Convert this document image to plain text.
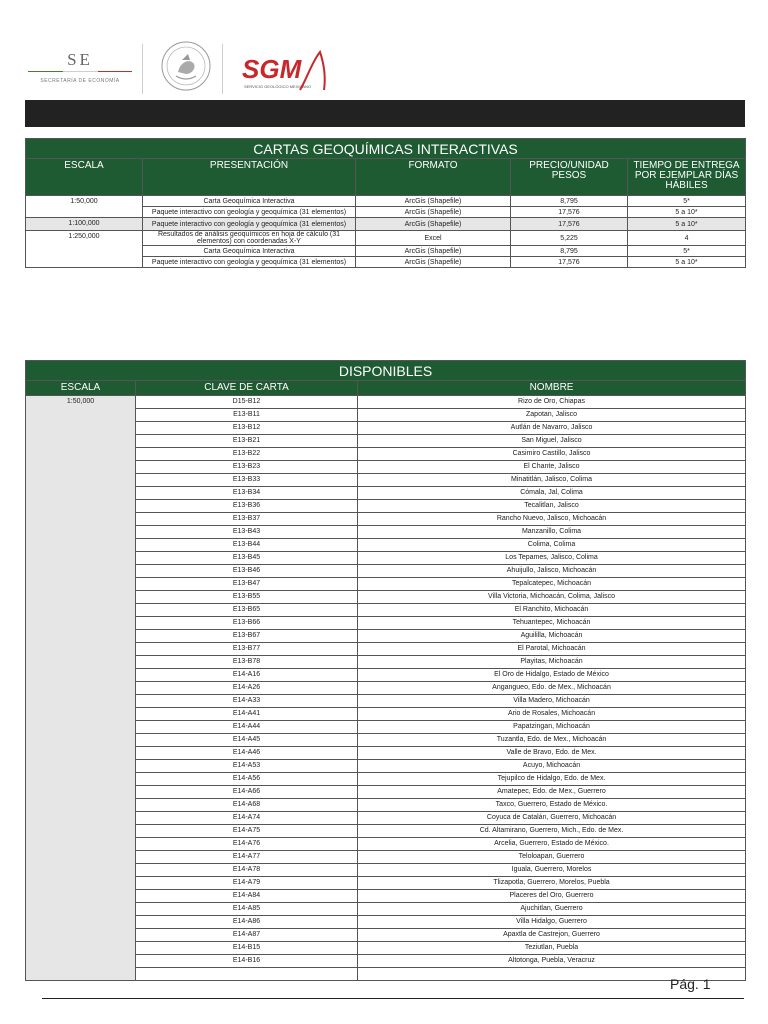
SE
SECRETARÍA DE ECONOMÍA	SGM
SERVICIO GEOLÓGICO MEXICANO
CARTAS GEOQUÍMICAS INTERACTIVAS				
ESCALA	PRESENTACIÓN	FORMATO	PRECIO/UNIDAD PESOS	TIEMPO DE ENTREGA POR EJEMPLAR DÍAS HÁBILES
1:50,000	Carta Geoquímica Interactiva	ArcGis (Shapefile)	8,795	5*
	Paquete interactivo con geología y geoquímica (31 elementos)	ArcGis (Shapefile)	17,576	5 a 10*
1:100,000	Paquete interactivo con geología y geoquímica (31 elementos)	ArcGis (Shapefile)	17,576	5 a 10*
1:250,000	Resultados de análisis geoquímicos en hoja de cálculo (31 elementos) con coordenadas X-Y	Excel	5,225	4
	Carta Geoquímica Interactiva	ArcGis (Shapefile)	8,795	5*
	Paquete interactivo con geología y geoquímica (31 elementos)	ArcGis (Shapefile)	17,576	5 a 10*
DISPONIBLES		
ESCALA	CLAVE DE CARTA	NOMBRE
1:50,000	D15-B12	Rizo de Oro, Chiapas
	E13-B11	Zapotan, Jalisco
	E13-B12	Autlán de Navarro, Jalisco
	E13-B21	San Miguel, Jalisco
	E13-B22	Casimiro Castillo, Jalisco
	E13-B23	El Chante, Jalisco
	E13-B33	Minatitlán, Jalisco, Colima
	E13-B34	Cómala, Jal, Colima
	E13-B36	Tecalitlan, Jalisco
	E13-B37	Rancho Nuevo, Jalisco, Michoacán
	E13-B43	Manzanillo, Colima
	E13-B44	Colima, Colima
	E13-B45	Los Tepames, Jalisco, Colima
	E13-B46	Ahuijullo, Jalisco, Michoacán
	E13-B47	Tepalcatepec, Michoacán
	E13-B55	Villa Victoria, Michoacán, Colima, Jalisco
	E13-B65	El Ranchito, Michoacán
	E13-B66	Tehuantepec, Michoacán
	E13-B67	Aguililla, Michoacán
	E13-B77	El Parotal, Michoacán
	E13-B78	Playitas, Michoacán
	E14-A16	El Oro de Hidalgo, Estado de México
	E14-A26	Angangueo, Edo. de Mex., Michoacán
	E14-A33	Villa Madero, Michoacán
	E14-A41	Ario de Rosales, Michoacán
	E14-A44	Papatzingan, Michoacán
	E14-A45	Tuzantla, Edo. de Mex., Michoacán
	E14-A46	Valle de Bravo, Edo. de Mex.
	E14-A53	Acuyo, Michoacán
	E14-A56	Tejupilco de Hidalgo, Edo. de Mex.
	E14-A66	Amatepec, Edo. de Mex., Guerrero
	E14-A68	Taxco, Guerrero, Estado de México.
	E14-A74	Coyuca de Catalán, Guerrero, Michoacán
	E14-A75	Cd. Altamirano, Guerrero, Mich., Edo. de Mex.
	E14-A76	Arcelia, Guerrero, Estado de México.
	E14-A77	Teloloapan, Guerrero
	E14-A78	Iguala, Guerrero, Morelos
	E14-A79	Tlizapotla, Guerrero, Morelos, Puebla
	E14-A84	Placeres del Oro, Guerrero
	E14-A85	Ajuchitlan, Guerrero
	E14-A86	Villa Hidalgo, Guerrero
	E14-A87	Apaxtla de Castrejon, Guerrero
	E14-B15	Teziutlan, Puebla
	E14-B16	Altotonga, Puebla, Veracruz

Pág. 1
